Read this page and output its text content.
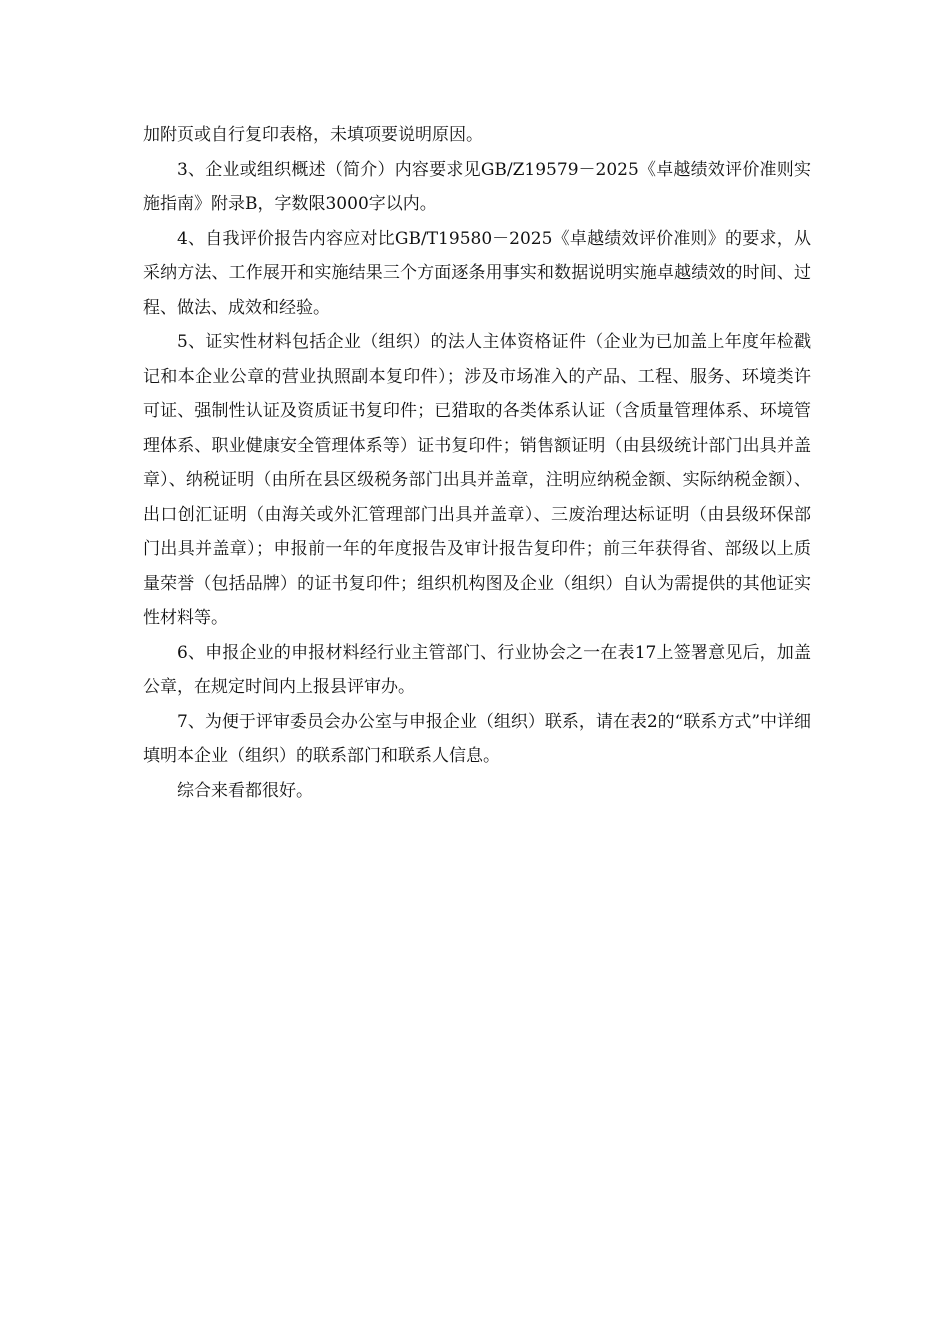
加附页或自行复印表格，未填项要说明原因。

3、企业或组织概述（简介）内容要求见GB/Z19579－2025《卓越绩效评价准则实施指南》附录B，字数限3000字以内。

4、自我评价报告内容应对比GB/T19580－2025《卓越绩效评价准则》的要求，从采纳方法、工作展开和实施结果三个方面逐条用事实和数据说明实施卓越绩效的时间、过程、做法、成效和经验。

5、证实性材料包括企业（组织）的法人主体资格证件（企业为已加盖上年度年检戳记和本企业公章的营业执照副本复印件）；涉及市场准入的产品、工程、服务、环境类许可证、强制性认证及资质证书复印件；已猎取的各类体系认证（含质量管理体系、环境管理体系、职业健康安全管理体系等）证书复印件；销售额证明（由县级统计部门出具并盖章）、纳税证明（由所在县区级税务部门出具并盖章，注明应纳税金额、实际纳税金额）、出口创汇证明（由海关或外汇管理部门出具并盖章）、三废治理达标证明（由县级环保部门出具并盖章）；申报前一年的年度报告及审计报告复印件；前三年获得省、部级以上质量荣誉（包括品牌）的证书复印件；组织机构图及企业（组织）自认为需提供的其他证实性材料等。

6、申报企业的申报材料经行业主管部门、行业协会之一在表17上签署意见后，加盖公章，在规定时间内上报县评审办。

7、为便于评审委员会办公室与申报企业（组织）联系，请在表2的“联系方式”中详细填明本企业（组织）的联系部门和联系人信息。

综合来看都很好。
